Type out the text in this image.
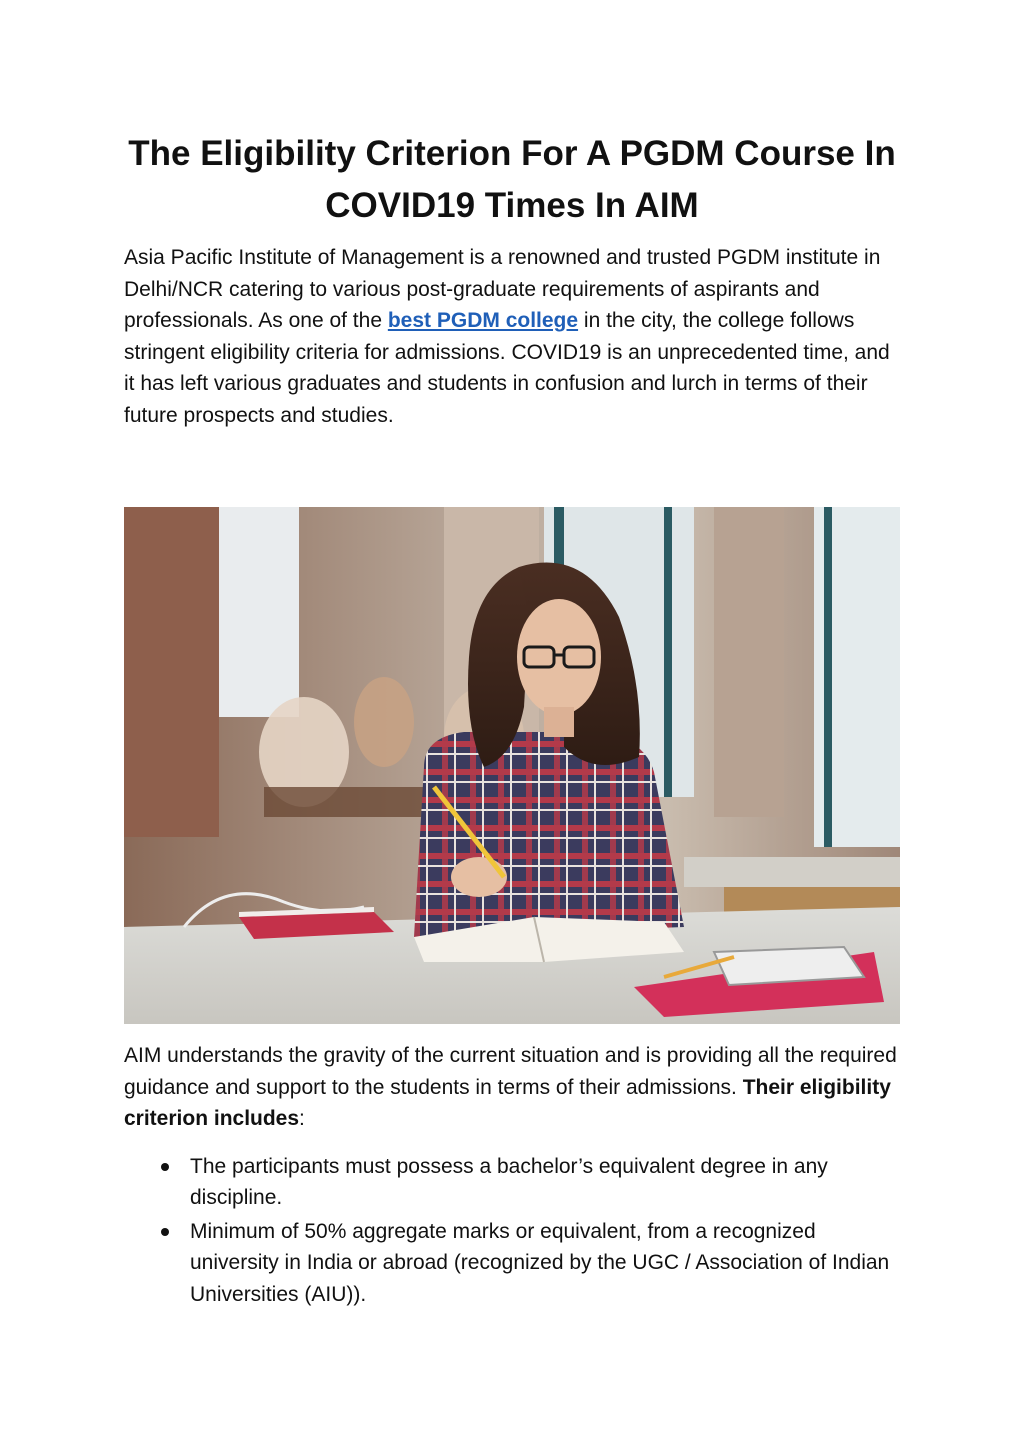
The Eligibility Criterion For A PGDM Course In COVID19 Times In AIM

Asia Pacific Institute of Management is a renowned and trusted PGDM institute in Delhi/NCR catering to various post-graduate requirements of aspirants and professionals. As one of the best PGDM college in the city, the college follows stringent eligibility criteria for admissions. COVID19 is an unprecedented time, and it has left various graduates and students in confusion and lurch in terms of their future prospects and studies.

AIM understands the gravity of the current situation and is providing all the required guidance and support to the students in terms of their admissions. Their eligibility criterion includes:

The participants must possess a bachelor’s equivalent degree in any discipline.
Minimum of 50% aggregate marks or equivalent, from a recognized university in India or abroad (recognized by the UGC / Association of Indian Universities (AIU)).
